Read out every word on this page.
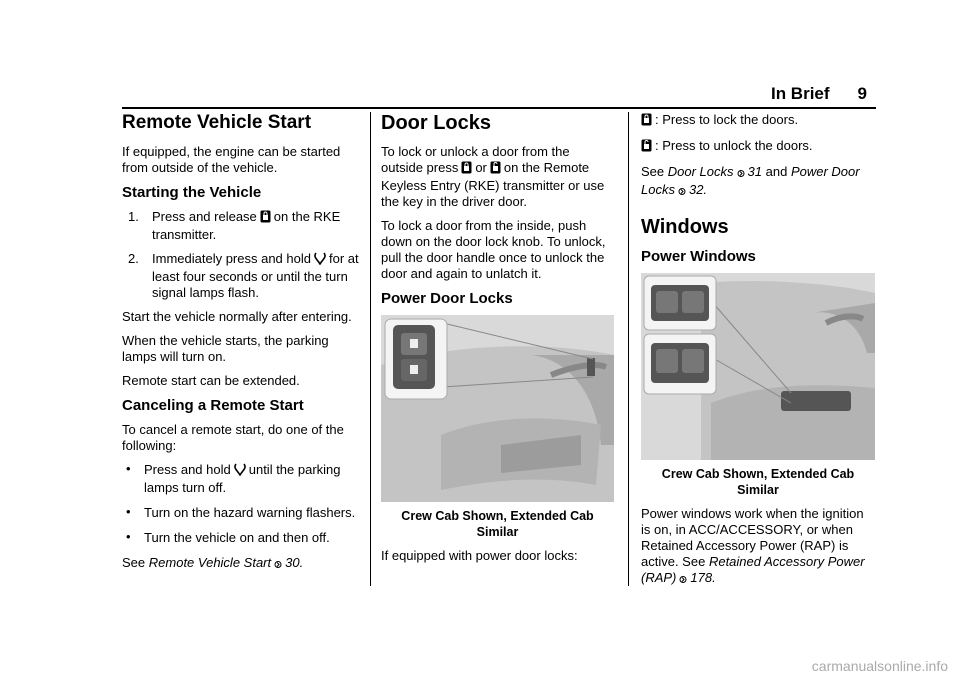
In Brief 9
Remote Vehicle Start

If equipped, the engine can be started from outside of the vehicle.

Starting the Vehicle
1. Press and release on the RKE transmitter.
2. Immediately press and hold for at least four seconds or until the turn signal lamps flash.

Start the vehicle normally after entering.

When the vehicle starts, the parking lamps will turn on.

Remote start can be extended.

Canceling a Remote Start

To cancel a remote start, do one of the following:

• Press and hold until the parking lamps turn off.
• Turn on the hazard warning flashers.
• Turn the vehicle on and then off.

See Remote Vehicle Start 30.

Door Locks

To lock or unlock a door from the outside press or on the Remote Keyless Entry (RKE) transmitter or use the key in the driver door.

To lock a door from the inside, push down on the door lock knob. To unlock, pull the door handle once to unlock the door and again to unlatch it.

Power Door Locks
Crew Cab Shown, Extended Cab Similar

If equipped with power door locks:

: Press to lock the doors.

: Press to unlock the doors.

See Door Locks 31 and Power Door Locks 32.

Windows
Power Windows
Crew Cab Shown, Extended Cab Similar

Power windows work when the ignition is on, in ACC/ACCESSORY, or when Retained Accessory Power (RAP) is active. See Retained Accessory Power (RAP) 178.

carmanualsonline.info
